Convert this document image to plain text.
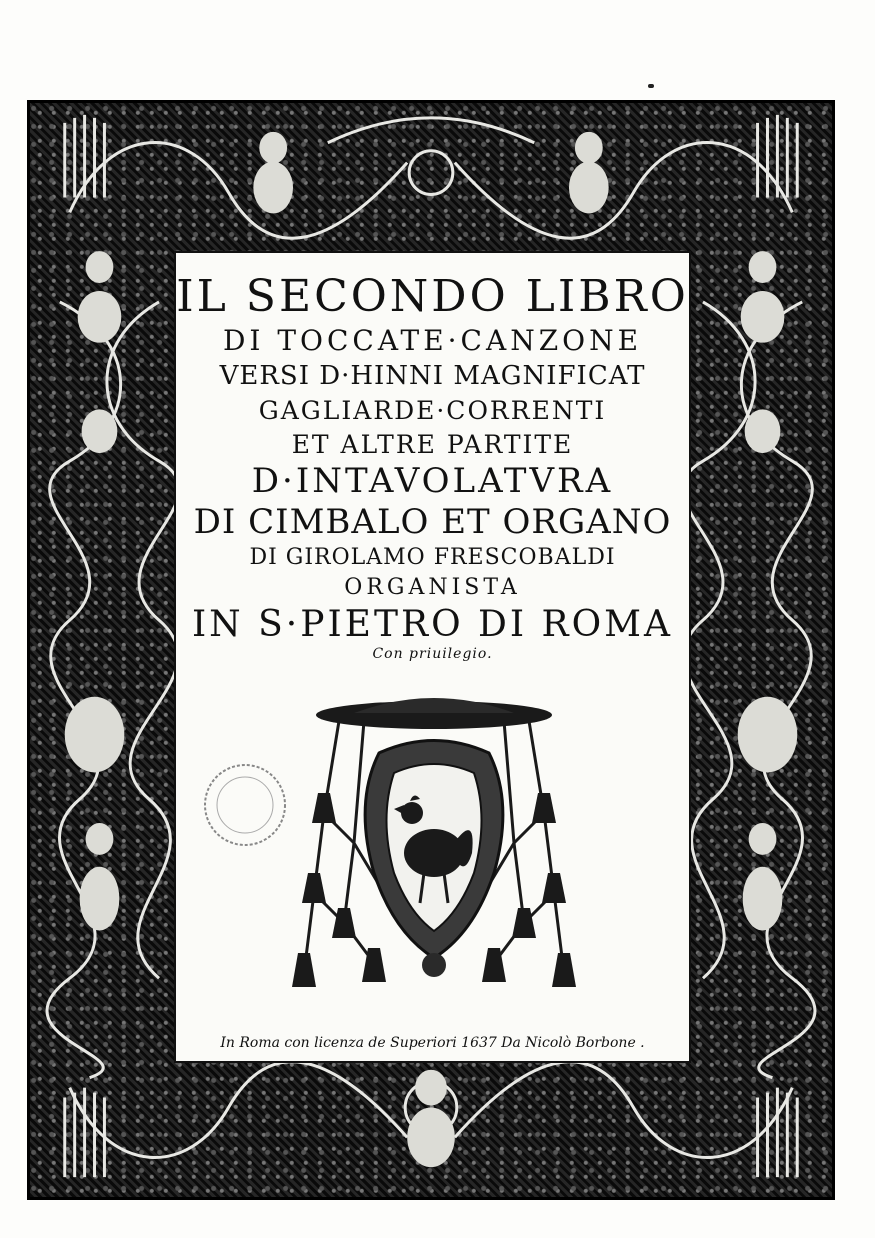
IL SECONDO LIBRO
DI TOCCATE·CANZONE
VERSI D·HINNI MAGNIFICAT
GAGLIARDE·CORRENTI
ET ALTRE PARTITE
D·INTAVOLATVRA
DI CIMBALO ET ORGANO
DI GIROLAMO FRESCOBALDI
ORGANISTA
IN S·PIETRO DI ROMA
Con priuilegio.
In Roma con licenza de Superiori 1637 Da Nicolò Borbone .
